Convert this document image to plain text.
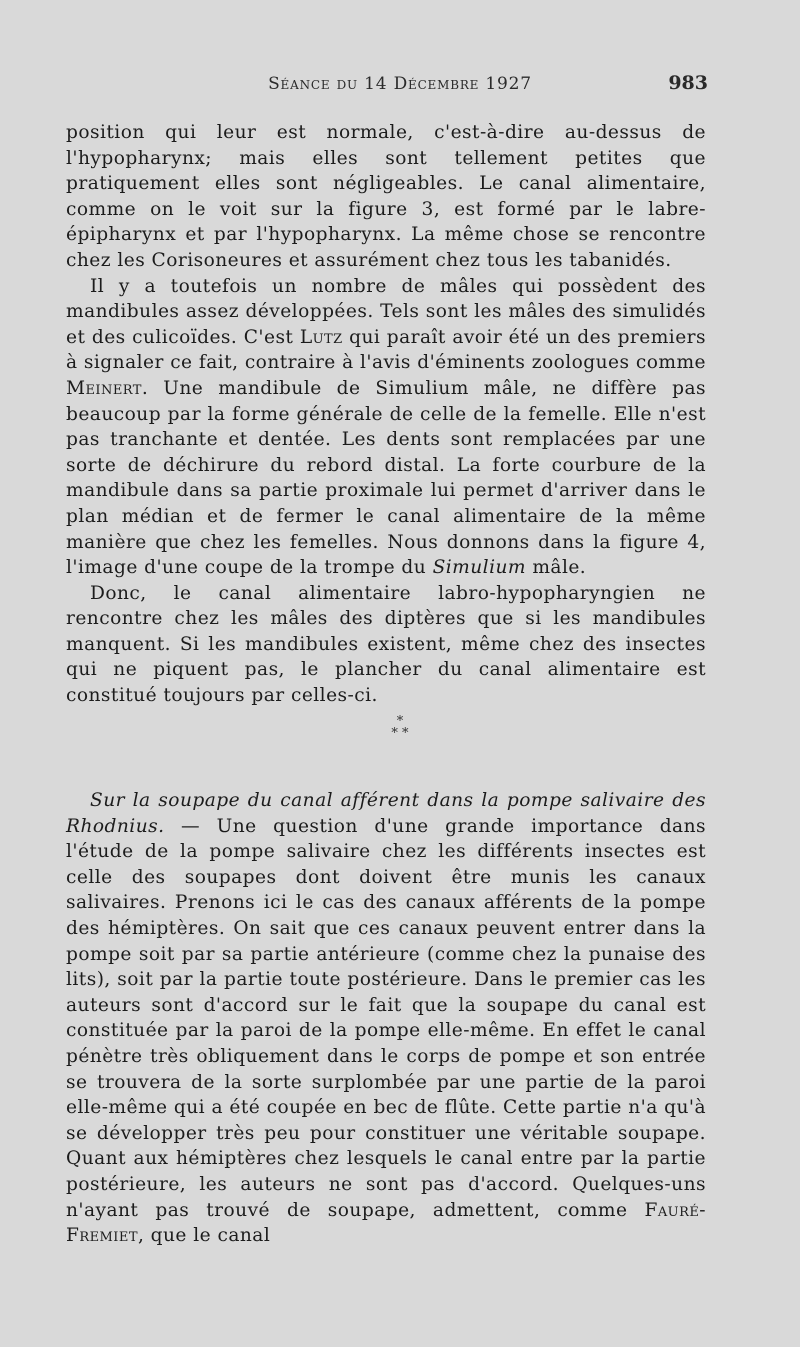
Séance du 14 Décembre 1927	983

position qui leur est normale, c'est-à-dire au-dessus de l'hypopharynx; mais elles sont tellement petites que pratiquement elles sont négligeables. Le canal alimentaire, comme on le voit sur la figure 3, est formé par le labre-épipharynx et par l'hypopharynx. La même chose se rencontre chez les Corisoneures et assurément chez tous les tabanidés.

Il y a toutefois un nombre de mâles qui possèdent des mandibules assez développées. Tels sont les mâles des simulidés et des culicoïdes. C'est Lutz qui paraît avoir été un des premiers à signaler ce fait, contraire à l'avis d'éminents zoologues comme Meinert. Une mandibule de Simulium mâle, ne diffère pas beaucoup par la forme générale de celle de la femelle. Elle n'est pas tranchante et dentée. Les dents sont remplacées par une sorte de déchirure du rebord distal. La forte courbure de la mandibule dans sa partie proximale lui permet d'arriver dans le plan médian et de fermer le canal alimentaire de la même manière que chez les femelles. Nous donnons dans la figure 4, l'image d'une coupe de la trompe du Simulium mâle.

Donc, le canal alimentaire labro-hypopharyngien ne rencontre chez les mâles des diptères que si les mandibules manquent. Si les mandibules existent, même chez des insectes qui ne piquent pas, le plancher du canal alimentaire est constitué toujours par celles-ci.

*
* *

Sur la soupape du canal afférent dans la pompe salivaire des Rhodnius. — Une question d'une grande importance dans l'étude de la pompe salivaire chez les différents insectes est celle des soupapes dont doivent être munis les canaux salivaires. Prenons ici le cas des canaux afférents de la pompe des hémiptères. On sait que ces canaux peuvent entrer dans la pompe soit par sa partie antérieure (comme chez la punaise des lits), soit par la partie toute postérieure. Dans le premier cas les auteurs sont d'accord sur le fait que la soupape du canal est constituée par la paroi de la pompe elle-même. En effet le canal pénètre très obliquement dans le corps de pompe et son entrée se trouvera de la sorte surplombée par une partie de la paroi elle-même qui a été coupée en bec de flûte. Cette partie n'a qu'à se développer très peu pour constituer une véritable soupape. Quant aux hémiptères chez lesquels le canal entre par la partie postérieure, les auteurs ne sont pas d'accord. Quelques-uns n'ayant pas trouvé de soupape, admettent, comme Fauré-Fremiet, que le canal
